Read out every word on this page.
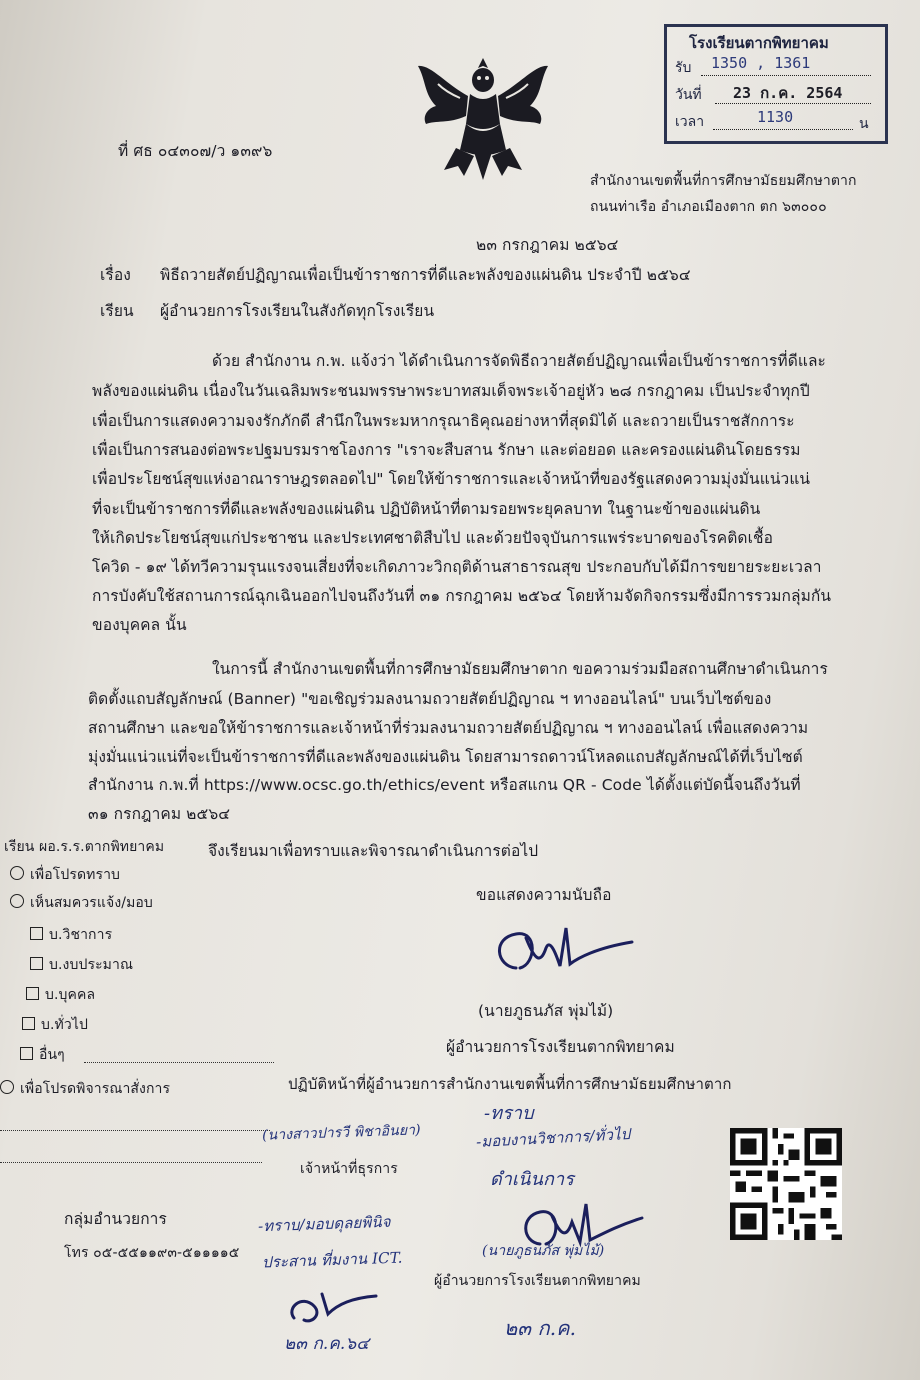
โรงเรียนตากพิทยาคม
รับ 1350 , 1361
วันที่ 23 ก.ค. 2564
เวลา	1130	น
ที่ ศธ ๐๔๓๐๗/ว ๑๓๙๖
สำนักงานเขตพื้นที่การศึกษามัธยมศึกษาตาก
ถนนท่าเรือ อำเภอเมืองตาก ตก ๖๓๐๐๐
๒๓ กรกฎาคม ๒๕๖๔
เรื่อง พิธีถวายสัตย์ปฏิญาณเพื่อเป็นข้าราชการที่ดีและพลังของแผ่นดิน ประจำปี ๒๕๖๔
เรียน ผู้อำนวยการโรงเรียนในสังกัดทุกโรงเรียน
ด้วย สำนักงาน ก.พ. แจ้งว่า ได้ดำเนินการจัดพิธีถวายสัตย์ปฏิญาณเพื่อเป็นข้าราชการที่ดีและ
พลังของแผ่นดิน เนื่องในวันเฉลิมพระชนมพรรษาพระบาทสมเด็จพระเจ้าอยู่หัว ๒๘ กรกฎาคม เป็นประจำทุกปี
เพื่อเป็นการแสดงความจงรักภักดี สำนึกในพระมหากรุณาธิคุณอย่างหาที่สุดมิได้ และถวายเป็นราชสักการะ
เพื่อเป็นการสนองต่อพระปฐมบรมราชโองการ "เราจะสืบสาน รักษา และต่อยอด และครองแผ่นดินโดยธรรม
เพื่อประโยชน์สุขแห่งอาณาราษฎรตลอดไป" โดยให้ข้าราชการและเจ้าหน้าที่ของรัฐแสดงความมุ่งมั่นแน่วแน่
ที่จะเป็นข้าราชการที่ดีและพลังของแผ่นดิน ปฏิบัติหน้าที่ตามรอยพระยุคลบาท ในฐานะข้าของแผ่นดิน
ให้เกิดประโยชน์สุขแก่ประชาชน และประเทศชาติสืบไป และด้วยปัจจุบันการแพร่ระบาดของโรคติดเชื้อ
โควิด - ๑๙ ได้ทวีความรุนแรงจนเสี่ยงที่จะเกิดภาวะวิกฤติด้านสาธารณสุข ประกอบกับได้มีการขยายระยะเวลา
การบังคับใช้สถานการณ์ฉุกเฉินออกไปจนถึงวันที่ ๓๑ กรกฎาคม ๒๕๖๔ โดยห้ามจัดกิจกรรมซึ่งมีการรวมกลุ่มกัน
ของบุคคล นั้น
ในการนี้ สำนักงานเขตพื้นที่การศึกษามัธยมศึกษาตาก ขอความร่วมมือสถานศึกษาดำเนินการ
ติดตั้งแถบสัญลักษณ์ (Banner) "ขอเชิญร่วมลงนามถวายสัตย์ปฏิญาณ ฯ ทางออนไลน์" บนเว็บไซต์ของ
สถานศึกษา และขอให้ข้าราชการและเจ้าหน้าที่ร่วมลงนามถวายสัตย์ปฏิญาณ ฯ ทางออนไลน์ เพื่อแสดงความ
มุ่งมั่นแน่วแน่ที่จะเป็นข้าราชการที่ดีและพลังของแผ่นดิน โดยสามารถดาวน์โหลดแถบสัญลักษณ์ได้ที่เว็บไซต์
สำนักงาน ก.พ.ที่ https://www.ocsc.go.th/ethics/event หรือสแกน QR - Code ได้ตั้งแต่บัดนี้จนถึงวันที่
๓๑ กรกฎาคม ๒๕๖๔
เรียน ผอ.ร.ร.ตากพิทยาคม	จึงเรียนมาเพื่อทราบและพิจารณาดำเนินการต่อไป
เพื่อโปรดทราบ
เห็นสมควรแจ้ง/มอบ	ขอแสดงความนับถือ
บ.วิชาการ
บ.งบประมาณ
บ.บุคคล
บ.ทั่วไป
อื่นๆ
เพื่อโปรดพิจารณาสั่งการ
(นางสาวปารวี พิชาอินยา)
เจ้าหน้าที่ธุรการ
(นายภูธนภัส พุ่มไม้)
ผู้อำนวยการโรงเรียนตากพิทยาคม
ปฏิบัติหน้าที่ผู้อำนวยการสำนักงานเขตพื้นที่การศึกษามัธยมศึกษาตาก
-ทราบ
-มอบงานวิชาการ/ทั่วไป
ดำเนินการ
(นายภูธนภัส พุ่มไม้)
ผู้อำนวยการโรงเรียนตากพิทยาคม
๒๓ ก.ค.
กลุ่มอำนวยการ
โทร ๐๕-๕๕๑๑๙๓-๕๑๑๑๑๕
-ทราบ/มอบดุลยพินิจ
ประสาน ที่มงาน ICT.
๒๓ ก.ค.๖๔
